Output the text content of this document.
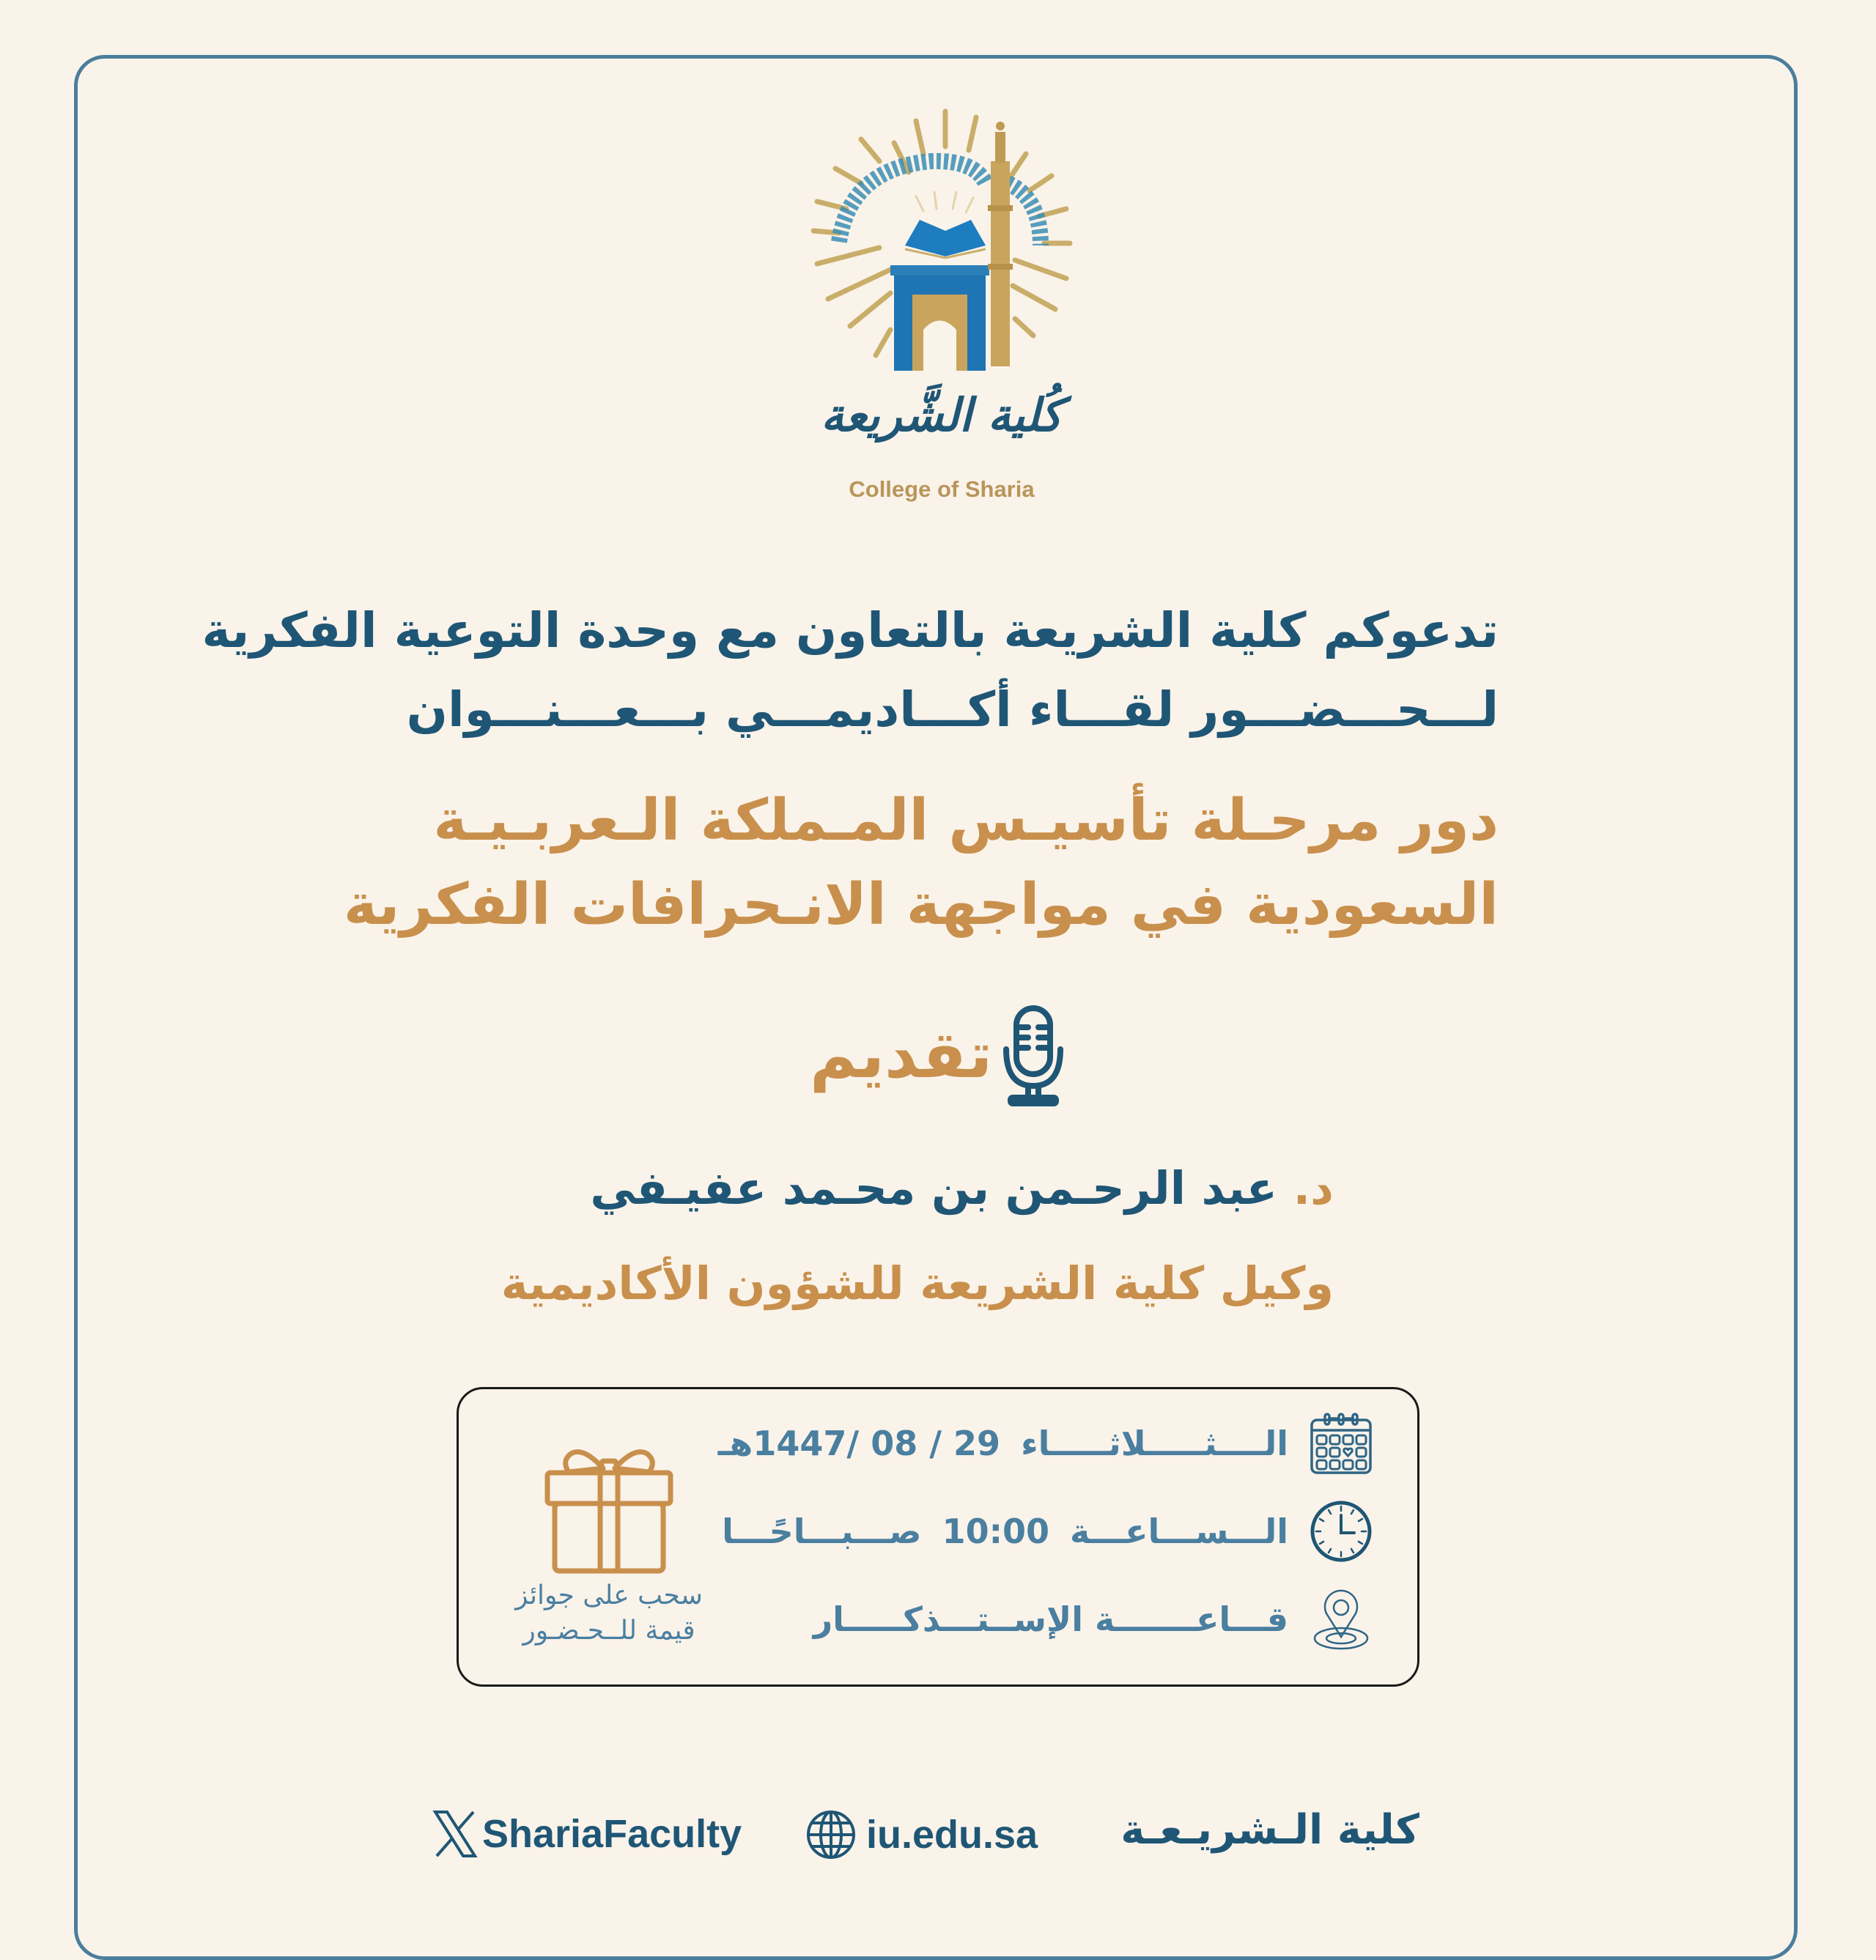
كُلية الشَّريعة
College of Sharia
تدعوكم كلية الشريعة بالتعاون مع وحدة التوعية الفكرية
لـــحـــضـــور لقـــاء أكـــاديمـــي بـــعـــنـــوان
دور مرحـلة تأسيـس المـملكة الـعربـيـة
السعودية في مواجهة الانـحرافات الفكرية
تقديم
د. عبد الرحـمن بن محـمد عفيـفي
وكيل كلية الشريعة للشؤون الأكاديمية
الــــثـــــلاثـــــاء
29 / 08 /1447هـ
الـــســـاعـــة
10:00
صـــبـــاحًـــا
قـــاعـــــــة الإســتـــذكـــــار
سحب على جوائز
قيمة للــحـضـور
ShariaFaculty	iu.edu.sa كلية الـشريـعـة
